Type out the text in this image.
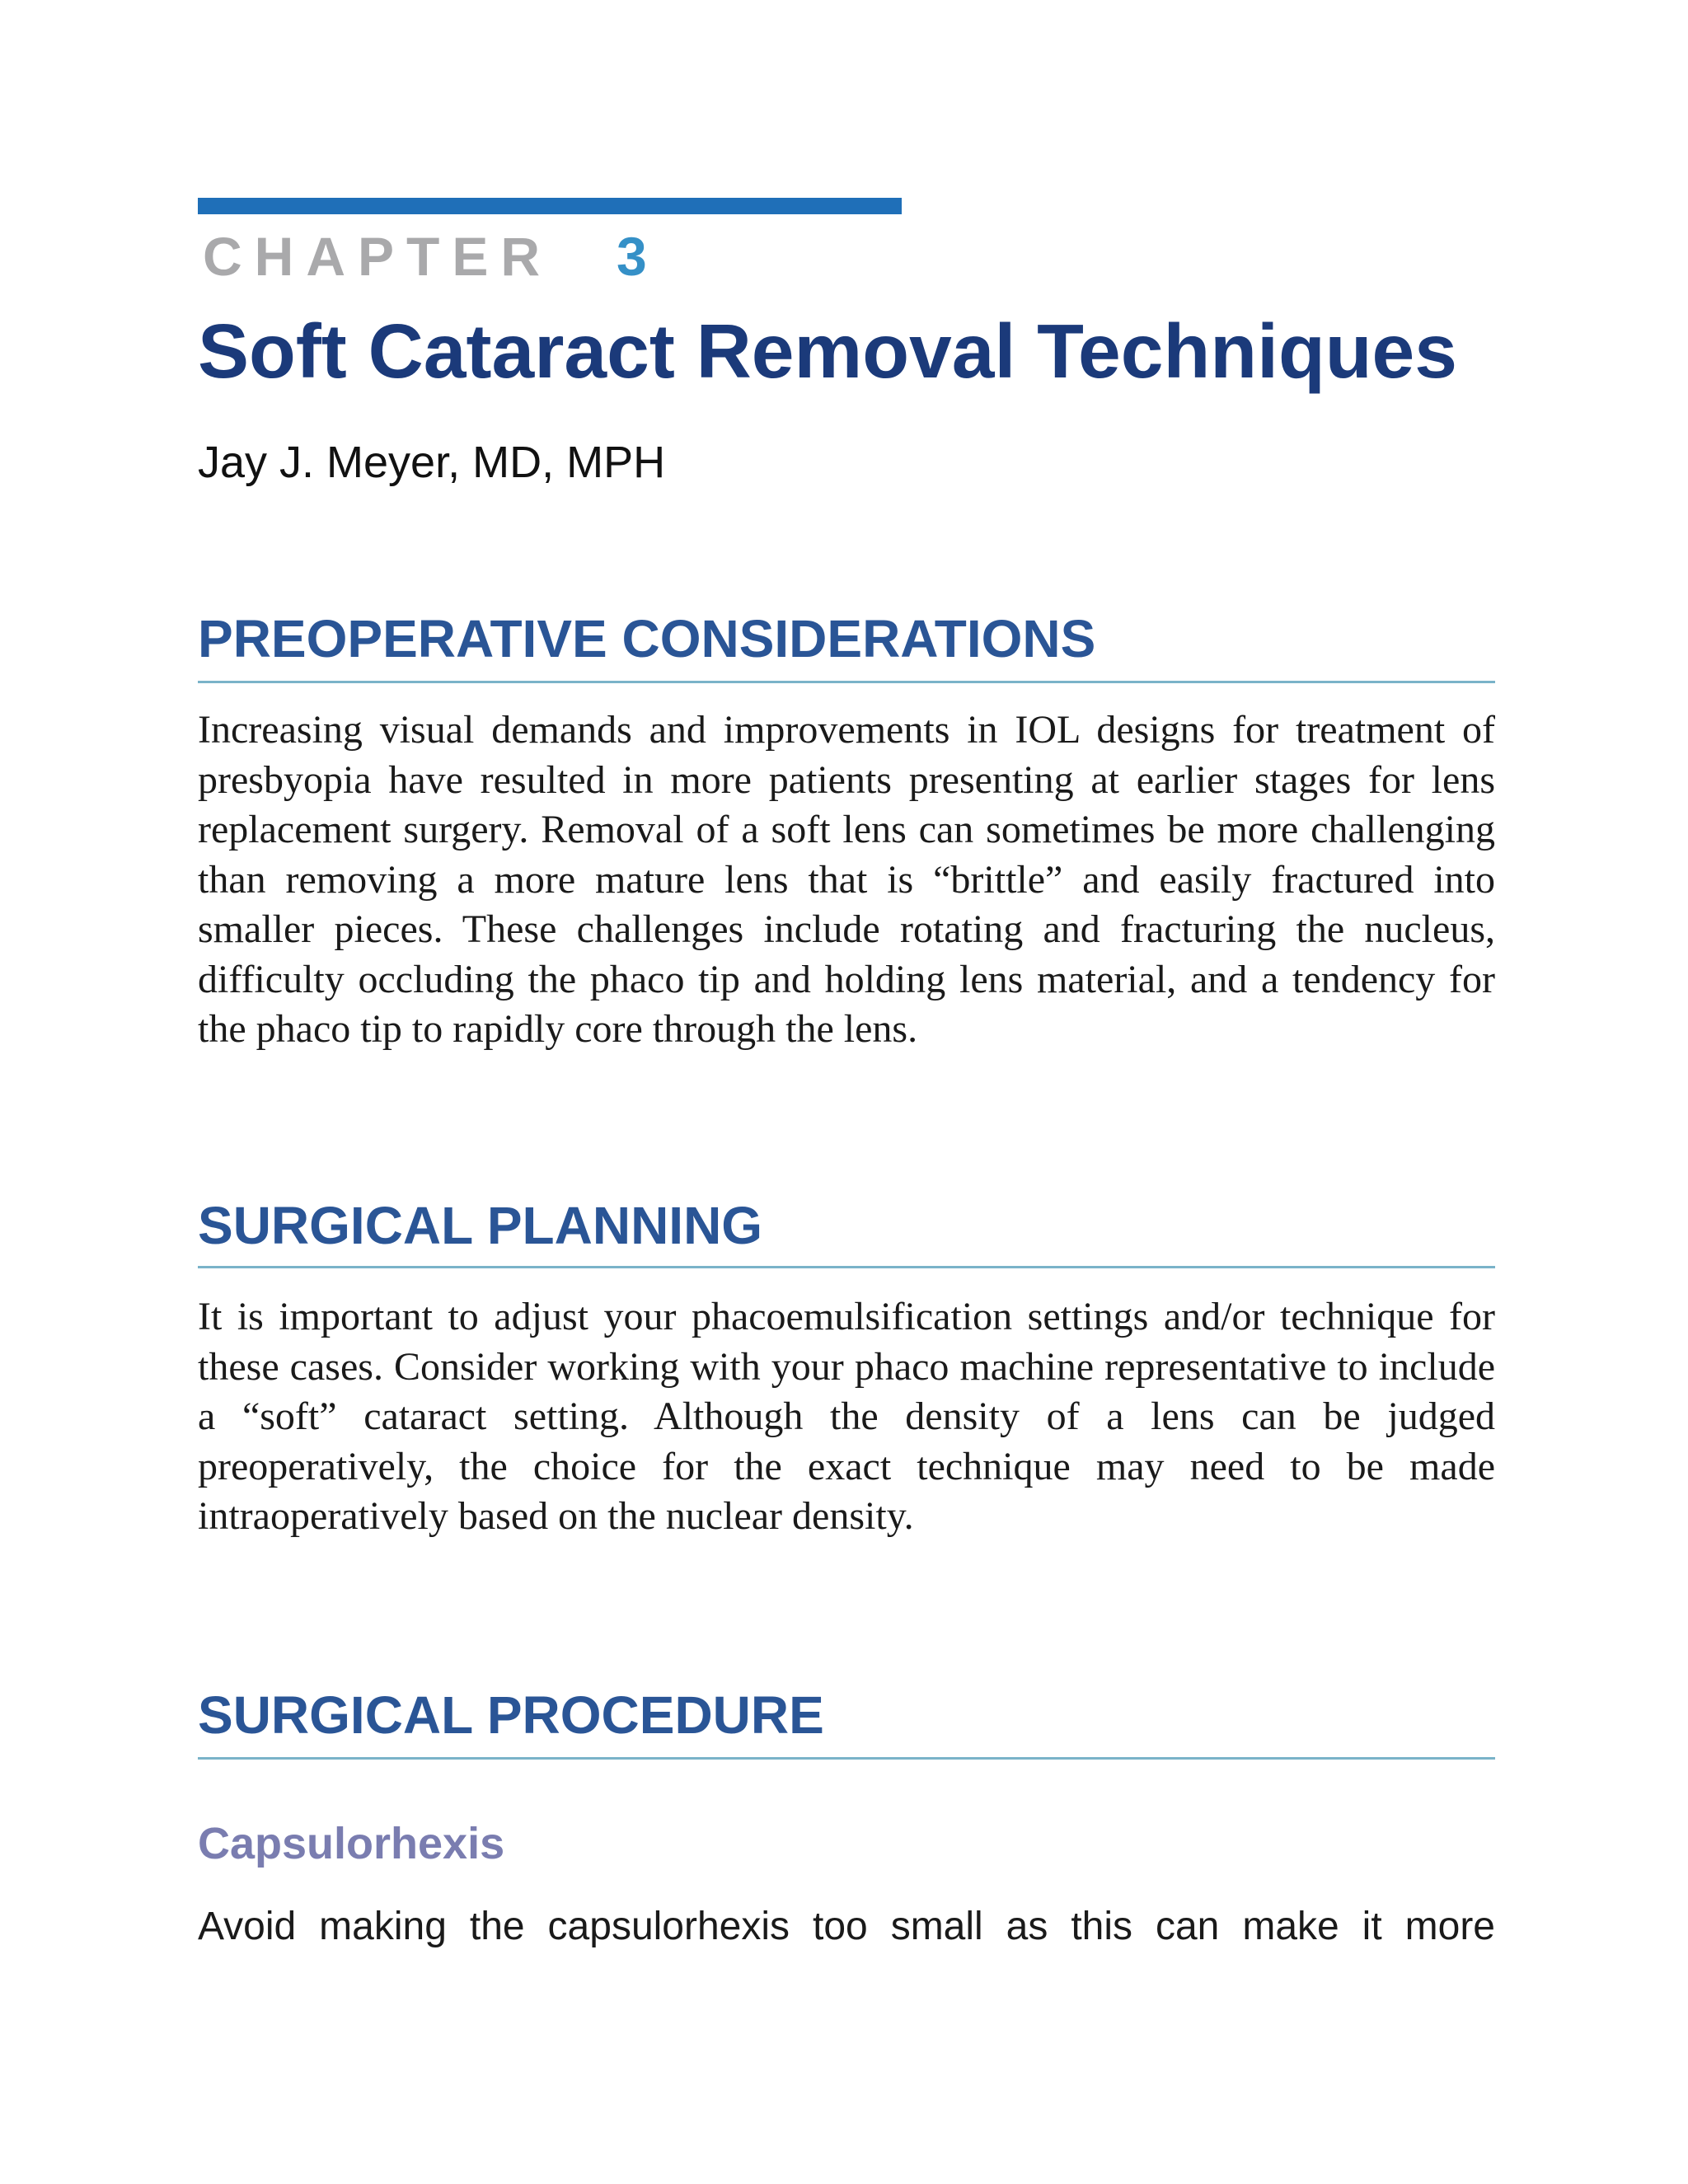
CHAPTER 3
Soft Cataract Removal Techniques
Jay J. Meyer, MD, MPH
PREOPERATIVE CONSIDERATIONS

Increasing visual demands and improvements in IOL designs for treatment of presbyopia have resulted in more patients presenting at earlier stages for lens replacement surgery. Removal of a soft lens can sometimes be more challenging than removing a more mature lens that is “brittle” and easily fractured into smaller pieces. These challenges include rotating and fracturing the nucleus, difficulty occluding the phaco tip and holding lens material, and a tendency for the phaco tip to rapidly core through the lens.

SURGICAL PLANNING

It is important to adjust your phacoemulsification settings and/or technique for these cases. Consider working with your phaco machine representative to include a “soft” cataract setting. Although the density of a lens can be judged preoperatively, the choice for the exact technique may need to be made intraoperatively based on the nuclear density.

SURGICAL PROCEDURE
Capsulorhexis

Avoid making the capsulorhexis too small as this can make it more
